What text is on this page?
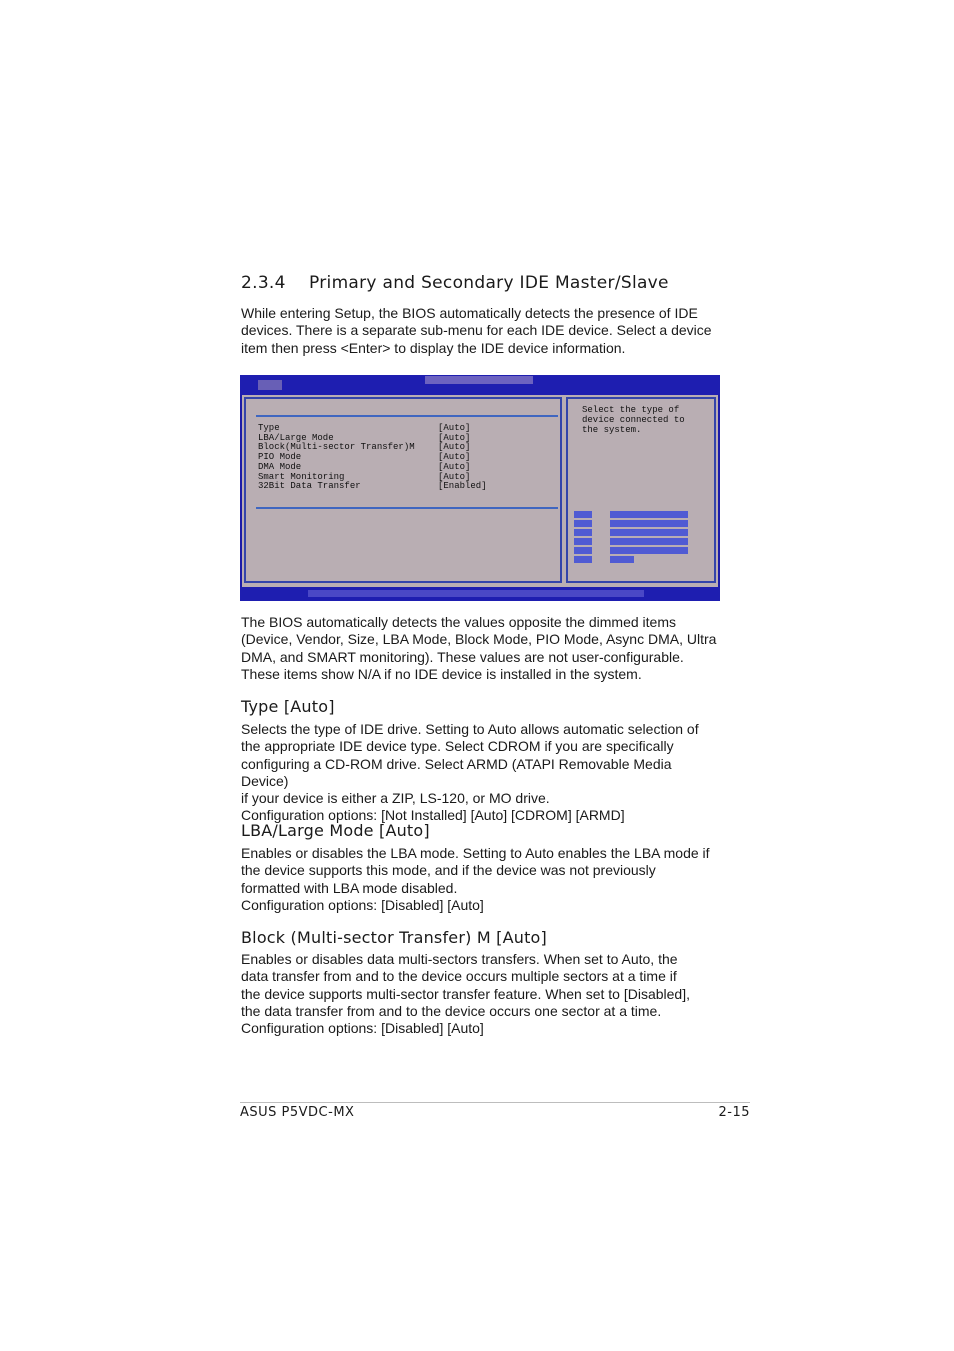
2.3.4 Primary and Secondary IDE Master/Slave
While entering Setup, the BIOS automatically detects the presence of IDE
devices. There is a separate sub-menu for each IDE device. Select a device
item then press <Enter> to display the IDE device information.
Type	[Auto]
LBA/Large Mode	[Auto]
Block(Multi-sector Transfer)M	[Auto]
PIO Mode	[Auto]
DMA Mode	[Auto]
Smart Monitoring	[Auto]
32Bit Data Transfer	[Enabled]
Select the type of
device connected to
the system.
The BIOS automatically detects the values opposite the dimmed items
(Device, Vendor, Size, LBA Mode, Block Mode, PIO Mode, Async DMA, Ultra
DMA, and SMART monitoring). These values are not user-configurable.
These items show N/A if no IDE device is installed in the system.
Type [Auto]
Selects the type of IDE drive. Setting to Auto allows automatic selection of
the appropriate IDE device type. Select CDROM if you are specifically
configuring a CD-ROM drive. Select ARMD (ATAPI Removable Media Device)
if your device is either a ZIP, LS-120, or MO drive.
Configuration options: [Not Installed] [Auto] [CDROM] [ARMD]
LBA/Large Mode [Auto]
Enables or disables the LBA mode. Setting to Auto enables the LBA mode if
the device supports this mode, and if the device was not previously
formatted with LBA mode disabled.
Configuration options: [Disabled] [Auto]
Block (Multi-sector Transfer) M [Auto]
Enables or disables data multi-sectors transfers. When set to Auto, the
data transfer from and to the device occurs multiple sectors at a time if
the device supports multi-sector transfer feature. When set to [Disabled],
the data transfer from and to the device occurs one sector at a time.
Configuration options: [Disabled] [Auto]
ASUS P5VDC-MX	2-15
